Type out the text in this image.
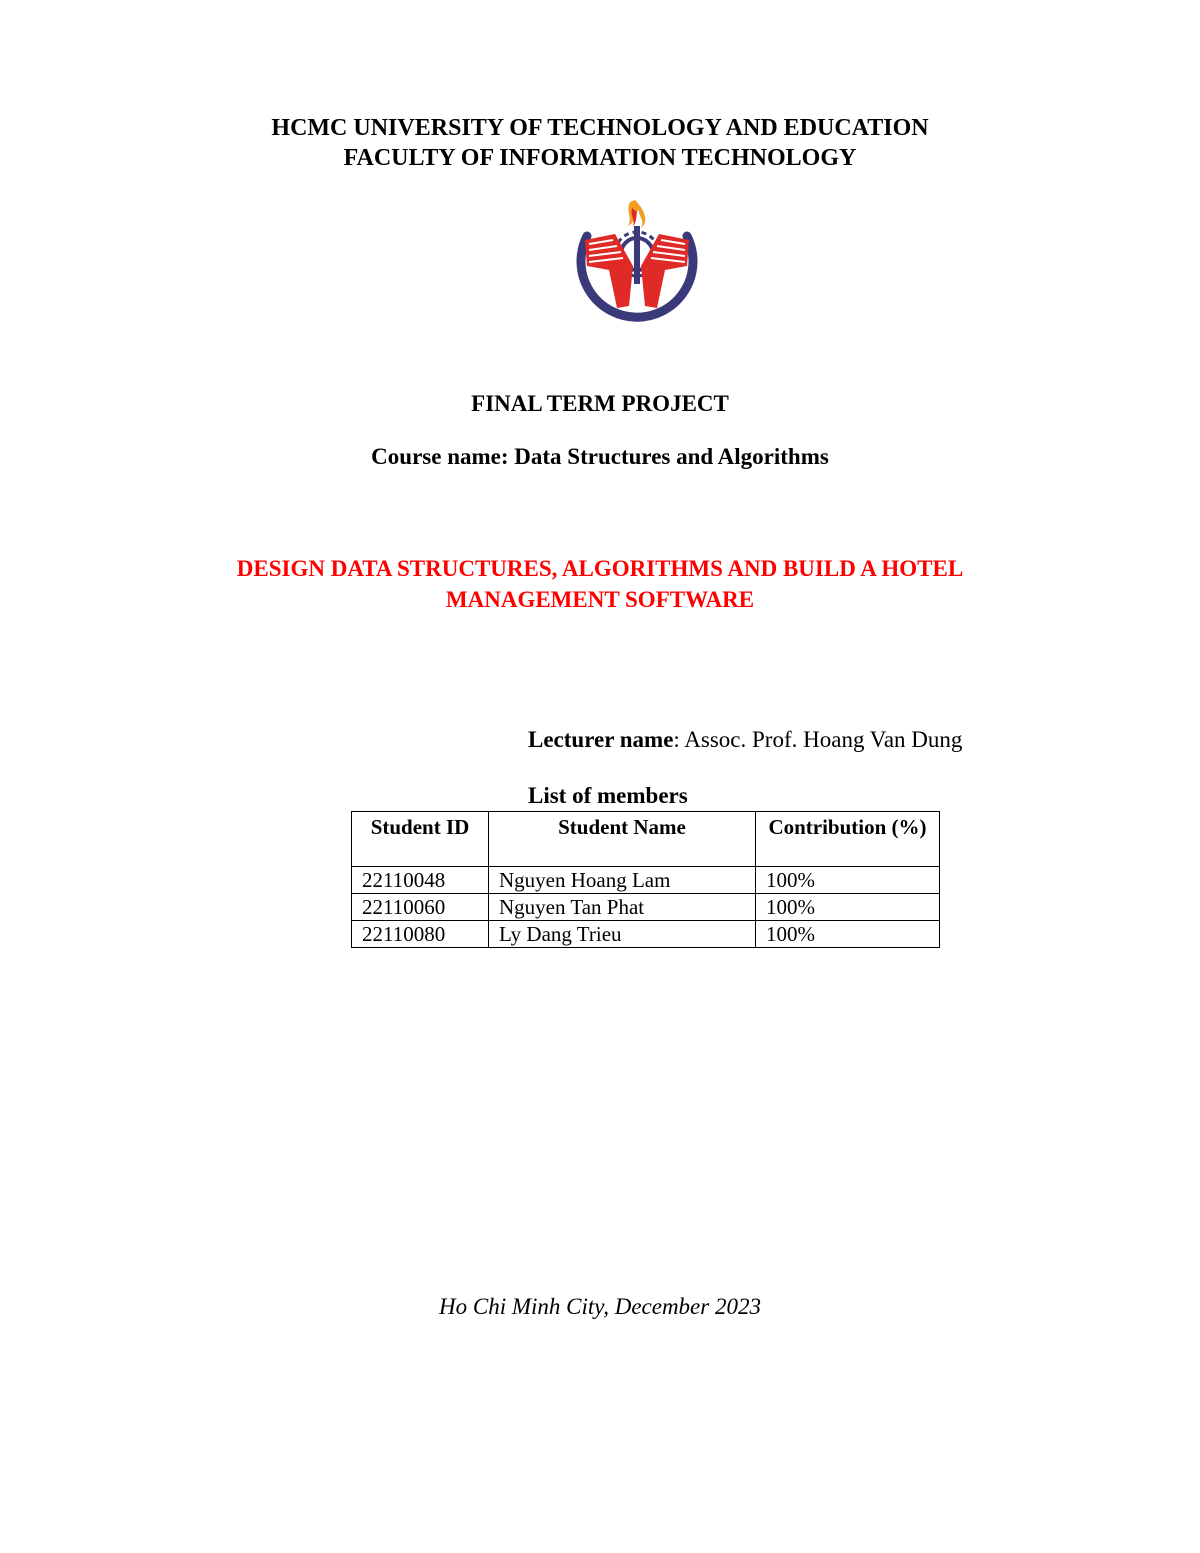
HCMC UNIVERSITY OF TECHNOLOGY AND EDUCATION
FACULTY OF INFORMATION TECHNOLOGY
FINAL TERM PROJECT
Course name: Data Structures and Algorithms
DESIGN DATA STRUCTURES, ALGORITHMS AND BUILD A HOTEL
MANAGEMENT SOFTWARE
Lecturer name: Assoc. Prof. Hoang Van Dung
List of members
Student ID	Student Name	Contribution (%)
22110048	Nguyen Hoang Lam	100%
22110060	Nguyen Tan Phat	100%
22110080	Ly Dang Trieu	100%
Ho Chi Minh City, December 2023
